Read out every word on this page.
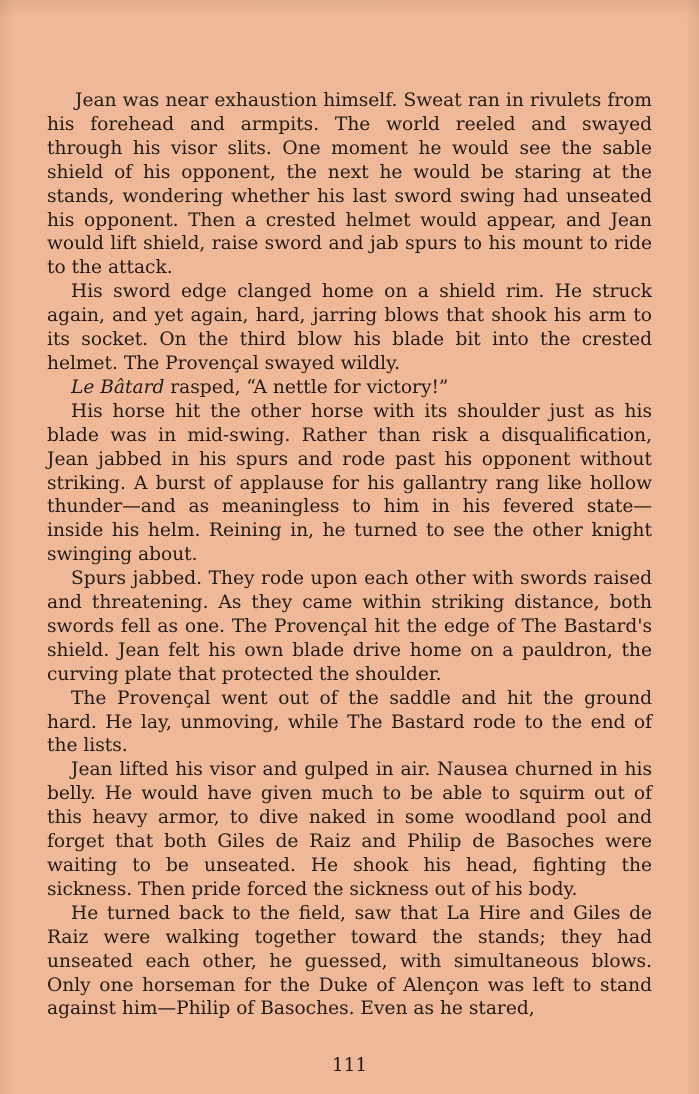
Jean was near exhaustion himself. Sweat ran in rivulets from his forehead and armpits. The world reeled and swayed through his visor slits. One moment he would see the sable shield of his opponent, the next he would be staring at the stands, wondering whether his last sword swing had unseated his opponent. Then a crested helmet would appear, and Jean would lift shield, raise sword and jab spurs to his mount to ride to the attack.

His sword edge clanged home on a shield rim. He struck again, and yet again, hard, jarring blows that shook his arm to its socket. On the third blow his blade bit into the crested helmet. The Provençal swayed wildly.

Le Bâtard rasped, “A nettle for victory!”

His horse hit the other horse with its shoulder just as his blade was in mid-swing. Rather than risk a disqualification, Jean jabbed in his spurs and rode past his opponent without striking. A burst of applause for his gallantry rang like hollow thunder—and as meaningless to him in his fevered state—inside his helm. Reining in, he turned to see the other knight swinging about.

Spurs jabbed. They rode upon each other with swords raised and threatening. As they came within striking distance, both swords fell as one. The Provençal hit the edge of The Bastard's shield. Jean felt his own blade drive home on a pauldron, the curving plate that protected the shoulder.

The Provençal went out of the saddle and hit the ground hard. He lay, unmoving, while The Bastard rode to the end of the lists.

Jean lifted his visor and gulped in air. Nausea churned in his belly. He would have given much to be able to squirm out of this heavy armor, to dive naked in some woodland pool and forget that both Giles de Raiz and Philip de Basoches were waiting to be unseated. He shook his head, fighting the sickness. Then pride forced the sickness out of his body.

He turned back to the field, saw that La Hire and Giles de Raiz were walking together toward the stands; they had unseated each other, he guessed, with simultaneous blows. Only one horseman for the Duke of Alençon was left to stand against him—Philip of Basoches. Even as he stared,

111
